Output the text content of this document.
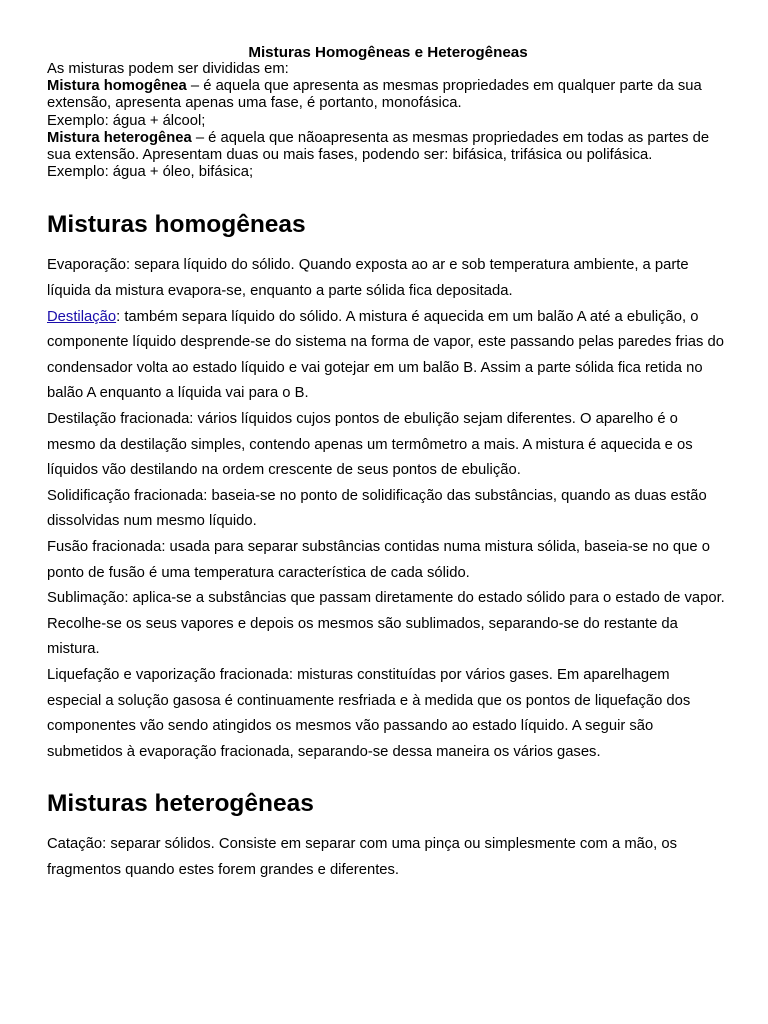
Misturas Homogêneas e Heterogêneas

As misturas podem ser divididas em:

Mistura homogênea – é aquela que apresenta as mesmas propriedades em qualquer parte da sua extensão, apresenta apenas uma fase, é portanto, monofásica.

Exemplo: água + álcool;

Mistura heterogênea – é aquela que nãoapresenta as mesmas propriedades em todas as partes de sua extensão. Apresentam duas ou mais fases, podendo ser: bifásica, trifásica ou polifásica.

Exemplo: água + óleo, bifásica;

Misturas homogêneas

Evaporação: separa líquido do sólido. Quando exposta ao ar e sob temperatura ambiente, a parte líquida da mistura evapora-se, enquanto a parte sólida fica depositada.

Destilação: também separa líquido do sólido. A mistura é aquecida em um balão A até a ebulição, o componente líquido desprende-se do sistema na forma de vapor, este passando pelas paredes frias do condensador volta ao estado líquido e vai gotejar em um balão B. Assim a parte sólida fica retida no balão A enquanto a líquida vai para o B.

Destilação fracionada: vários líquidos cujos pontos de ebulição sejam diferentes. O aparelho é o mesmo da destilação simples, contendo apenas um termômetro a mais. A mistura é aquecida e os líquidos vão destilando na ordem crescente de seus pontos de ebulição.

Solidificação fracionada: baseia-se no ponto de solidificação das substâncias, quando as duas estão dissolvidas num mesmo líquido.

Fusão fracionada: usada para separar substâncias contidas numa mistura sólida, baseia-se no que o ponto de fusão é uma temperatura característica de cada sólido.

Sublimação: aplica-se a substâncias que passam diretamente do estado sólido para o estado de vapor. Recolhe-se os seus vapores e depois os mesmos são sublimados, separando-se do restante da mistura.

Liquefação e vaporização fracionada: misturas constituídas por vários gases. Em aparelhagem especial a solução gasosa é continuamente resfriada e à medida que os pontos de liquefação dos componentes vão sendo atingidos os mesmos vão passando ao estado líquido. A seguir são submetidos à evaporação fracionada, separando-se dessa maneira os vários gases.

Misturas heterogêneas

Catação: separar sólidos. Consiste em separar com uma pinça ou simplesmente com a mão, os fragmentos quando estes forem grandes e diferentes.
